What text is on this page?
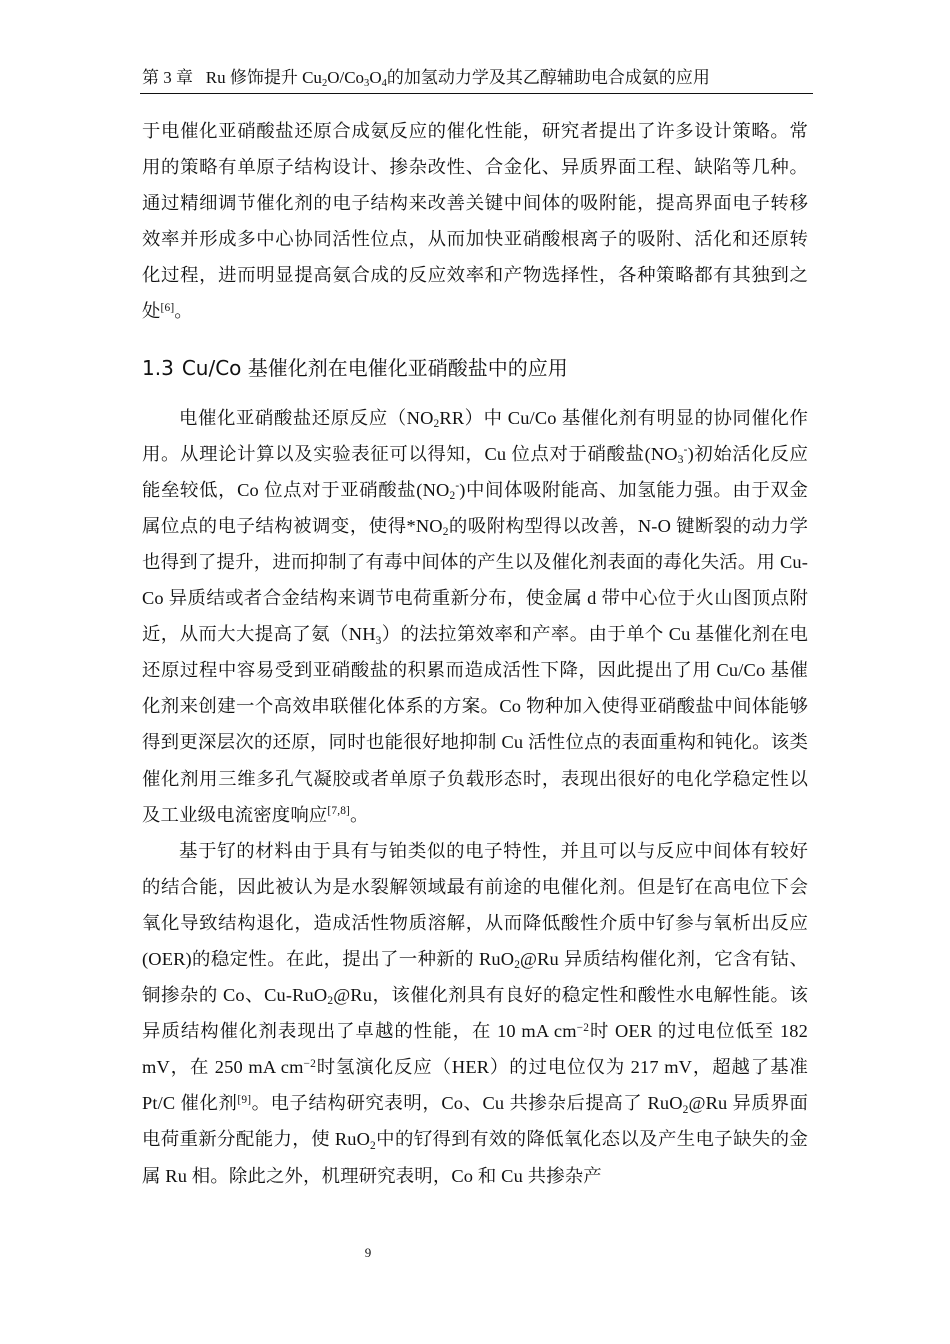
第 3 章 Ru 修饰提升 $Cu_2O/Co_3O_4$的加氢动力学及其乙醇辅助电合成氨的应用

于电催化亚硝酸盐还原合成氨反应的催化性能，研究者提出了许多设计策略。常用的策略有单原子结构设计、掺杂改性、合金化、异质界面工程、缺陷等几种。通过精细调节催化剂的电子结构来改善关键中间体的吸附能，提高界面电子转移效率并形成多中心协同活性位点，从而加快亚硝酸根离子的吸附、活化和还原转化过程，进而明显提高氨合成的反应效率和产物选择性，各种策略都有其独到之处[6]。

1.3 Cu/Co 基催化剂在电催化亚硝酸盐中的应用

电催化亚硝酸盐还原反应$(NO_2RR)$中 Cu/Co 基催化剂有明显的协同催化作用。从理论计算以及实验表征可以得知，Cu 位点对于硝酸盐$(NO_3^-)$初始活化反应能垒较低，Co 位点对于亚硝酸盐$(NO_2^-)$中间体吸附能高、加氢能力强。由于双金属位点的电子结构被调变，使得$*NO_2$的吸附构型得以改善，N-O 键断裂的动力学也得到了提升，进而抑制了有毒中间体的产生以及催化剂表面的毒化失活。用 Cu-Co 异质结或者合金结构来调节电荷重新分布，使金属 d 带中心位于火山图顶点附近，从而大大提高了氨$(NH_3)$的法拉第效率和产率。由于单个 Cu 基催化剂在电还原过程中容易受到亚硝酸盐的积累而造成活性下降，因此提出了用 Cu/Co 基催化剂来创建一个高效串联催化体系的方案。Co 物种加入使得亚硝酸盐中间体能够得到更深层次的还原，同时也能很好地抑制 Cu 活性位点的表面重构和钝化。该类催化剂用三维多孔气凝胶或者单原子负载形态时，表现出很好的电化学稳定性以及工业级电流密度响应[7,8]。

基于钌的材料由于具有与铂类似的电子特性，并且可以与反应中间体有较好的结合能，因此被认为是水裂解领域最有前途的电催化剂。但是钌在高电位下会氧化导致结构退化，造成活性物质溶解，从而降低酸性介质中钌参与氧析出反应(OER)的稳定性。在此，提出了一种新的 RuO$_2$@Ru 异质结构催化剂，它含有钴、铜掺杂的 Co、Cu-RuO$_2$@Ru，该催化剂具有良好的稳定性和酸性水电解性能。该异质结构催化剂表现出了卓越的性能，在 10 mA $cm^{-2}$时 OER 的过电位低至 182 mV，在 250 mA $cm^{-2}$时氢演化反应（HER）的过电位仅为 217 mV，超越了基准 Pt/C 催化剂[9]。电子结构研究表明，Co、Cu 共掺杂后提高了 RuO$_2$@Ru 异质界面电荷重新分配能力，使 RuO$_2$中的钌得到有效的降低氧化态以及产生电子缺失的金属 Ru 相。除此之外，机理研究表明，Co 和 Cu 共掺杂产

9
